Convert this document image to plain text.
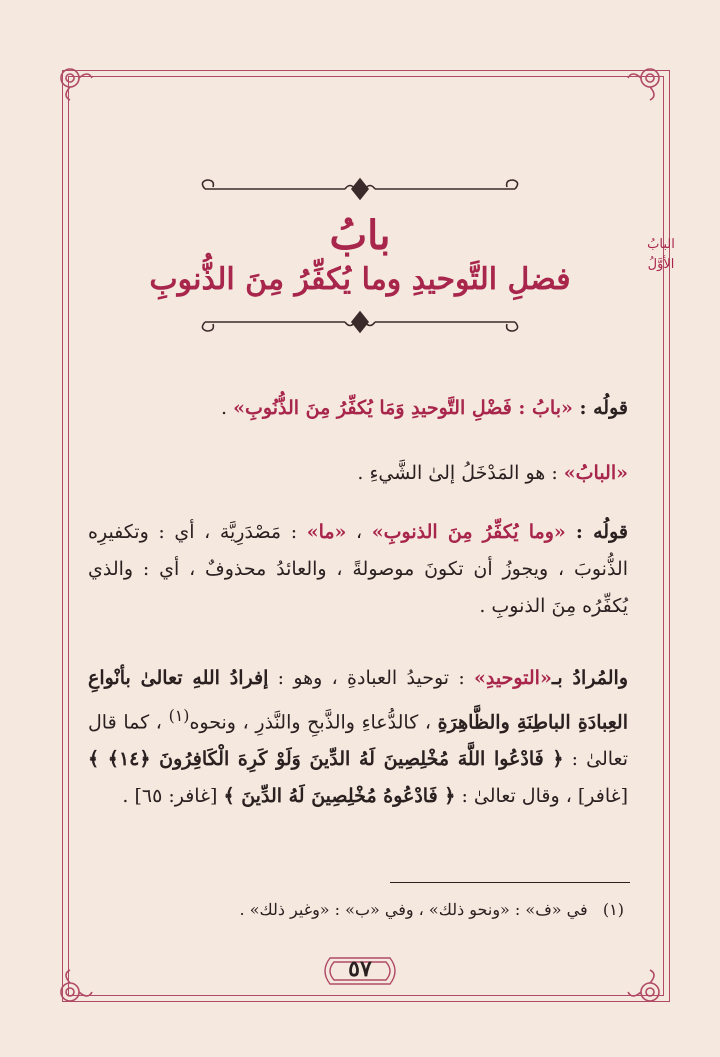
بابُ
فضلِ التَّوحيدِ وما يُكفِّرُ مِنَ الذُّنوبِ
البابُ
الأوَّلُ
قولُه : «بابُ : فَضْلِ التَّوحيدِ وَمَا يُكفِّرُ مِنَ الذُّنُوبِ» .
«البابُ» : هو المَدْخَلُ إلىٰ الشَّيءِ .
قولُه : «وما يُكفِّرُ مِنَ الذنوبِ» ، «ما» : مَصْدَرِيَّة ، أي : وتكفيرِه الذُّنوبَ ، ويجوزُ أن تكونَ موصولةً ، والعائدُ محذوفٌ ، أي : والذي يُكفِّرُه مِنَ الذنوبِ .
والمُرادُ بـ«التوحيدِ» : توحيدُ العبادةِ ، وهو : إفرادُ اللهِ تعالىٰ بأنْواعِ العِبادَةِ الباطِنَةِ والظَّاهِرَةِ ، كالدُّعاءِ والذَّبحِ والنَّذرِ ، ونحوه$^{(١)}$ ، كما قال تعالىٰ : ﴿ فَادْعُوا اللَّهَ مُخْلِصِينَ لَهُ الدِّينَ وَلَوْ كَرِهَ الْكَافِرُونَ ﴿١٤﴾ ﴾ [غافر] ، وقال تعالىٰ : ﴿ فَادْعُوهُ مُخْلِصِينَ لَهُ الدِّينَ ﴾ [غافر: ٦٥] .
(١)   في «ف» : «ونحو ذلك» ، وفي «ب» : «وغير ذلك» .
٥٧
